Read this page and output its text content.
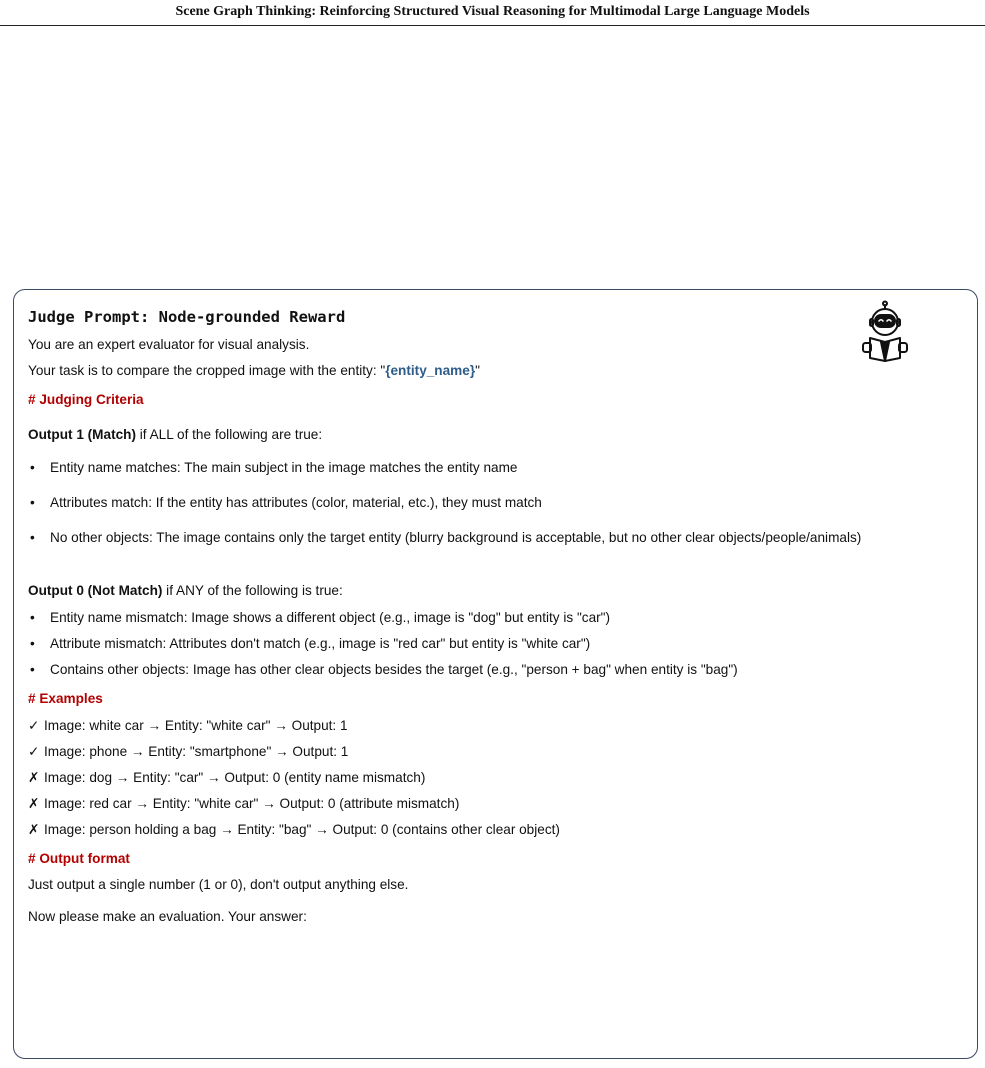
Scene Graph Thinking: Reinforcing Structured Visual Reasoning for Multimodal Large Language Models
Judge Prompt: Node-grounded Reward
You are an expert evaluator for visual analysis.
Your task is to compare the cropped image with the entity: "{entity_name}"
# Judging Criteria
Output 1 (Match) if ALL of the following are true:
• Entity name matches: The main subject in the image matches the entity name
• Attributes match: If the entity has attributes (color, material, etc.), they must match
• No other objects: The image contains only the target entity (blurry background is acceptable, but no other clear objects/people/animals)
Output 0 (Not Match) if ANY of the following is true:
• Entity name mismatch: Image shows a different object (e.g., image is "dog" but entity is "car")
• Attribute mismatch: Attributes don't match (e.g., image is "red car" but entity is "white car")
• Contains other objects: Image has other clear objects besides the target (e.g., "person + bag" when entity is "bag")
# Examples
✓ Image: white car → Entity: "white car" → Output: 1
✓ Image: phone → Entity: "smartphone" → Output: 1
✗ Image: dog → Entity: "car" → Output: 0 (entity name mismatch)
✗ Image: red car → Entity: "white car" → Output: 0 (attribute mismatch)
✗ Image: person holding a bag → Entity: "bag" → Output: 0 (contains other clear object)
# Output format
Just output a single number (1 or 0), don't output anything else.
Now please make an evaluation. Your answer:
